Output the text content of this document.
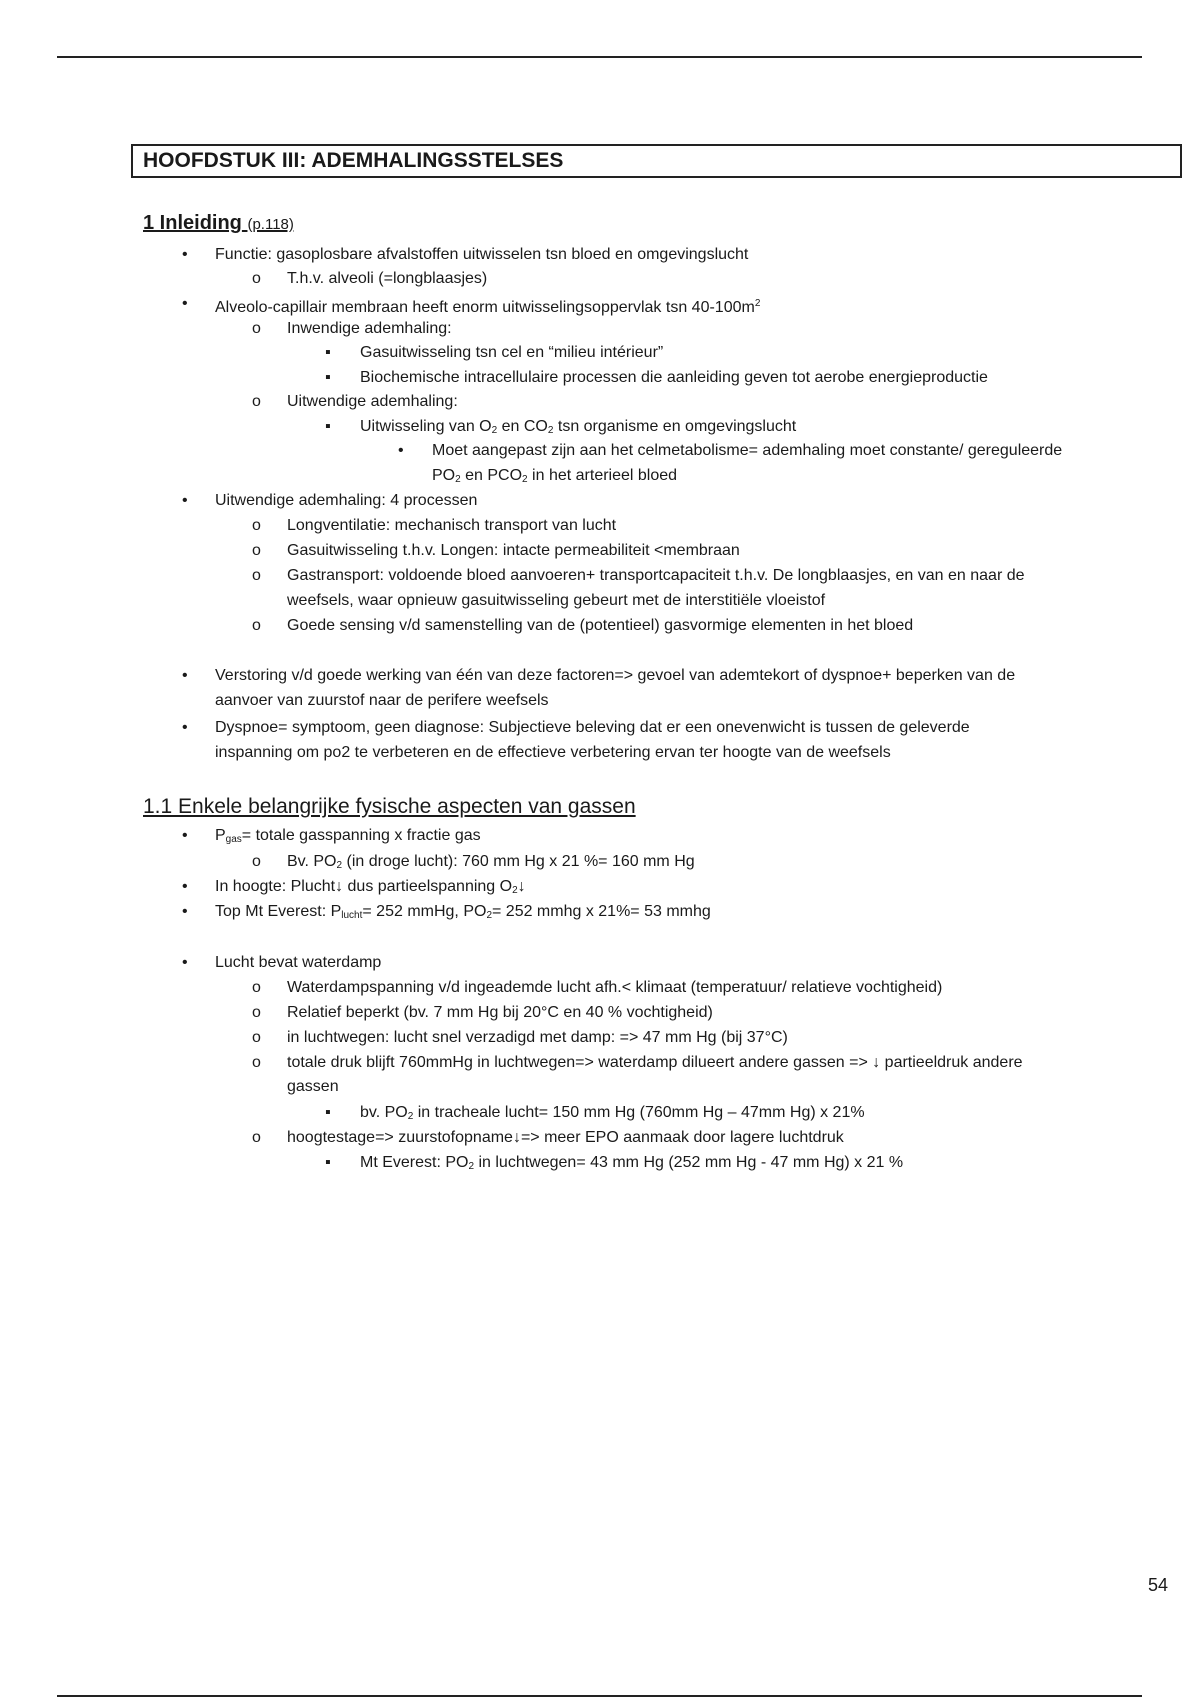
HOOFDSTUK III: ADEMHALINGSSTELSES
1 Inleiding (p.118)
• Functie: gasoplosbare afvalstoffen uitwisselen tsn bloed en omgevingslucht
o T.h.v. alveoli (=longblaasjes)
• Alveolo-capillair membraan heeft enorm uitwisselingsoppervlak tsn $40-100m^2$
o Inwendige ademhaling:
▪ Gasuitwisseling tsn cel en “milieu intérieur”
▪ Biochemische intracellulaire processen die aanleiding geven tot aerobe energieproductie
o Uitwendige ademhaling:
▪ Uitwisseling van $O_2$ en $CO_2$ tsn organisme en omgevingslucht
• Moet aangepast zijn aan het celmetabolisme= ademhaling moet constante/ gereguleerde
$PO_2$ en $PCO_2$ in het arterieel bloed
• Uitwendige ademhaling: 4 processen
o Longventilatie: mechanisch transport van lucht
o Gasuitwisseling t.h.v. Longen: intacte permeabiliteit <membraan
o Gastransport: voldoende bloed aanvoeren+ transportcapaciteit t.h.v. De longblaasjes, en van en naar de
weefsels, waar opnieuw gasuitwisseling gebeurt met de interstitiële vloeistof
o Goede sensing v/d samenstelling van de (potentieel) gasvormige elementen in het bloed
• Verstoring v/d goede werking van één van deze factoren=> gevoel van ademtekort of dyspnoe+ beperken van de
aanvoer van zuurstof naar de perifere weefsels
• Dyspnoe= symptoom, geen diagnose: Subjectieve beleving dat er een onevenwicht is tussen de geleverde
inspanning om po2 te verbeteren en de effectieve verbetering ervan ter hoogte van de weefsels
1.1 Enkele belangrijke fysische aspecten van gassen
• $P_{gas}=$ totale gasspanning x fractie gas
o Bv. $PO_2$ (in droge lucht): 760 mm Hg x 21 %= 160 mm Hg
• In hoogte: Plucht↓ dus partieelspanning $O_2↓$
• Top Mt Everest: $P_{lucht}= 252$ mmHg, $PO_2= 252$ mmhg x 21%= 53 mmhg
• Lucht bevat waterdamp
o Waterdampspanning v/d ingeademde lucht afh.< klimaat (temperatuur/ relatieve vochtigheid)
o Relatief beperkt (bv. 7 mm Hg bij 20°C en 40 % vochtigheid)
o in luchtwegen: lucht snel verzadigd met damp: => 47 mm Hg (bij 37°C)
o totale druk blijft 760mmHg in luchtwegen=> waterdamp dilueert andere gassen => ↓ partieeldruk andere
gassen
▪ bv. $PO_2$ in tracheale lucht= 150 mm Hg (760mm Hg – 47mm Hg) x 21%
o hoogtestage=> zuurstofopname↓=> meer EPO aanmaak door lagere luchtdruk
▪ Mt Everest: $PO_2$ in luchtwegen= 43 mm Hg (252 mm Hg - 47 mm Hg) x 21 %
54
